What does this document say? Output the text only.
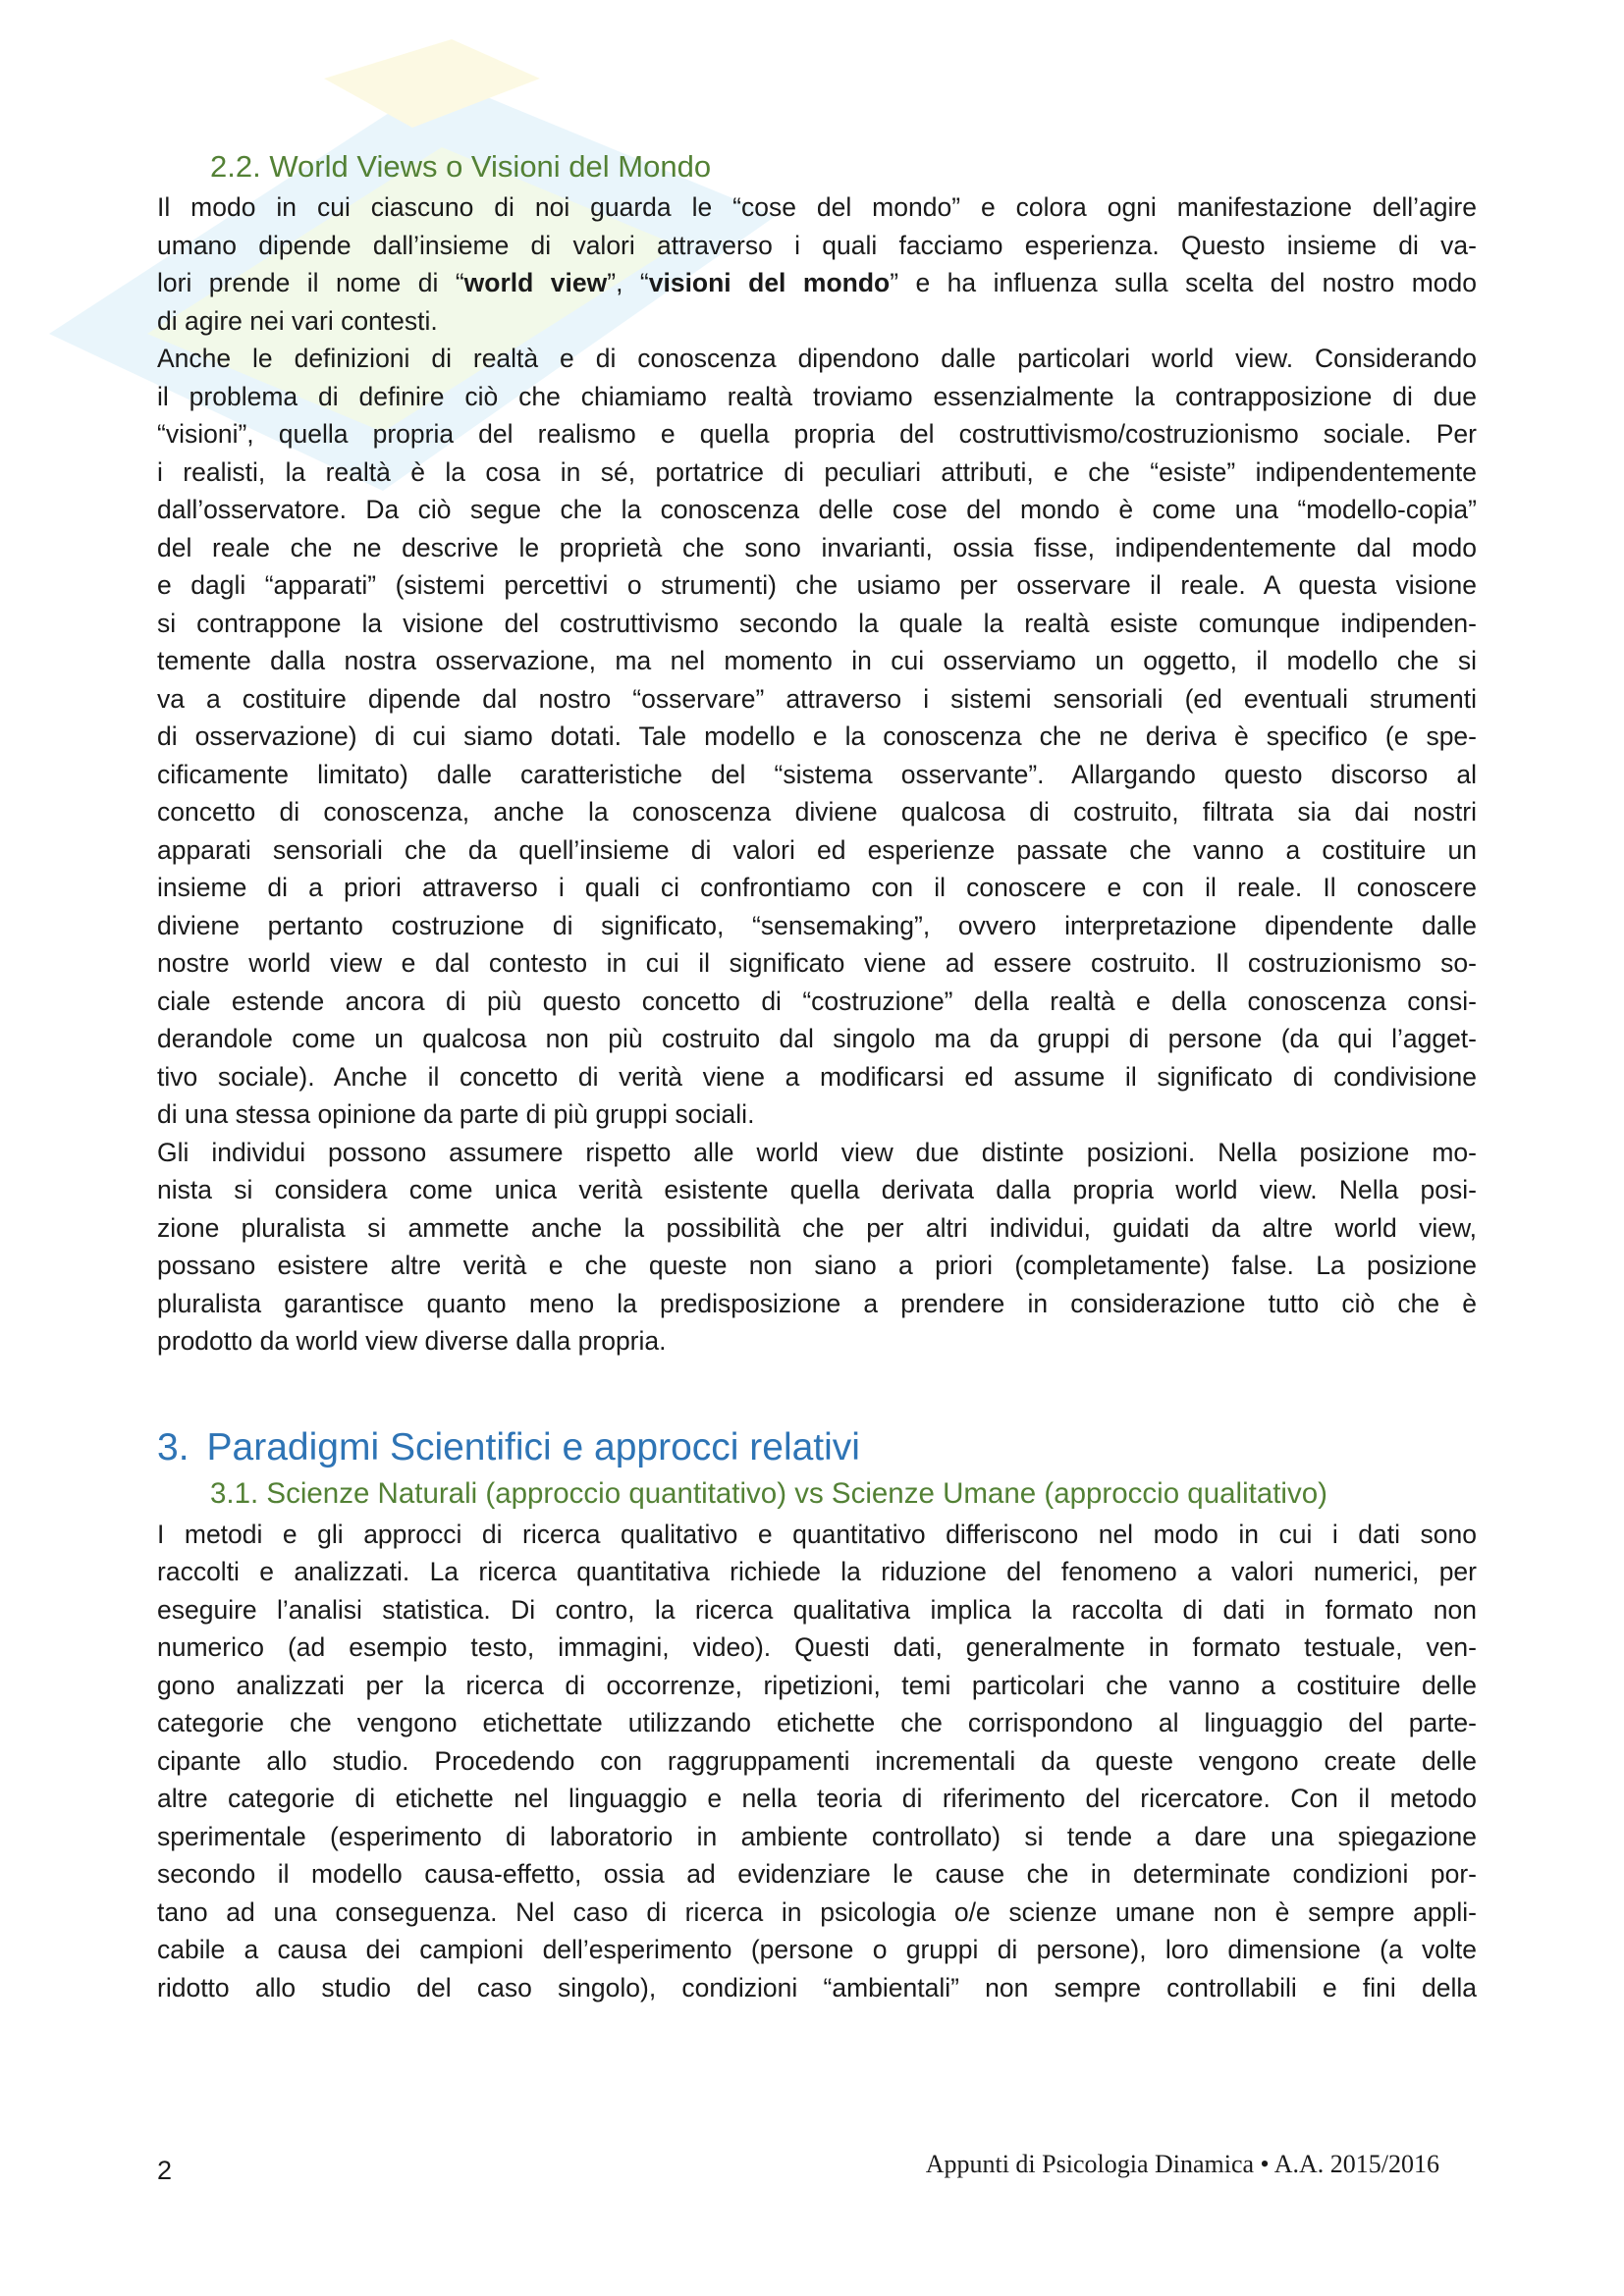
2.2. World Views o Visioni del Mondo

Il modo in cui ciascuno di noi guarda le “cose del mondo” e colora ogni manifestazione dell’agire
umano dipende dall’insieme di valori attraverso i quali facciamo esperienza. Questo insieme di va-
lori prende il nome di “world view”, “visioni del mondo” e ha influenza sulla scelta del nostro modo
di agire nei vari contesti.

Anche le definizioni di realtà e di conoscenza dipendono dalle particolari world view. Considerando
il problema di definire ciò che chiamiamo realtà troviamo essenzialmente la contrapposizione di due
“visioni”, quella propria del realismo e quella propria del costruttivismo/costruzionismo sociale. Per
i realisti, la realtà è la cosa in sé, portatrice di peculiari attributi, e che “esiste” indipendentemente
dall’osservatore. Da ciò segue che la conoscenza delle cose del mondo è come una “modello-copia”
del reale che ne descrive le proprietà che sono invarianti, ossia fisse, indipendentemente dal modo
e dagli “apparati” (sistemi percettivi o strumenti) che usiamo per osservare il reale. A questa visione
si contrappone la visione del costruttivismo secondo la quale la realtà esiste comunque indipenden-
temente dalla nostra osservazione, ma nel momento in cui osserviamo un oggetto, il modello che si
va a costituire dipende dal nostro “osservare” attraverso i sistemi sensoriali (ed eventuali strumenti
di osservazione) di cui siamo dotati. Tale modello e la conoscenza che ne deriva è specifico (e spe-
cificamente limitato) dalle caratteristiche del “sistema osservante”. Allargando questo discorso al
concetto di conoscenza, anche la conoscenza diviene qualcosa di costruito, filtrata sia dai nostri
apparati sensoriali che da quell’insieme di valori ed esperienze passate che vanno a costituire un
insieme di a priori attraverso i quali ci confrontiamo con il conoscere e con il reale. Il conoscere
diviene pertanto costruzione di significato, “sensemaking”, ovvero interpretazione dipendente dalle
nostre world view e dal contesto in cui il significato viene ad essere costruito. Il costruzionismo so-
ciale estende ancora di più questo concetto di “costruzione” della realtà e della conoscenza consi-
derandole come un qualcosa non più costruito dal singolo ma da gruppi di persone (da qui l’agget-
tivo sociale). Anche il concetto di verità viene a modificarsi ed assume il significato di condivisione
di una stessa opinione da parte di più gruppi sociali.

Gli individui possono assumere rispetto alle world view due distinte posizioni. Nella posizione mo-
nista si considera come unica verità esistente quella derivata dalla propria world view. Nella posi-
zione pluralista si ammette anche la possibilità che per altri individui, guidati da altre world view,
possano esistere altre verità e che queste non siano a priori (completamente) false. La posizione
pluralista garantisce quanto meno la predisposizione a prendere in considerazione tutto ciò che è
prodotto da world view diverse dalla propria.

3. Paradigmi Scientifici e approcci relativi
3.1. Scienze Naturali (approccio quantitativo) vs Scienze Umane (approccio qualitativo)

I metodi e gli approcci di ricerca qualitativo e quantitativo differiscono nel modo in cui i dati sono
raccolti e analizzati. La ricerca quantitativa richiede la riduzione del fenomeno a valori numerici, per
eseguire l’analisi statistica. Di contro, la ricerca qualitativa implica la raccolta di dati in formato non
numerico (ad esempio testo, immagini, video). Questi dati, generalmente in formato testuale, ven-
gono analizzati per la ricerca di occorrenze, ripetizioni, temi particolari che vanno a costituire delle
categorie che vengono etichettate utilizzando etichette che corrispondono al linguaggio del parte-
cipante allo studio. Procedendo con raggruppamenti incrementali da queste vengono create delle
altre categorie di etichette nel linguaggio e nella teoria di riferimento del ricercatore. Con il metodo
sperimentale (esperimento di laboratorio in ambiente controllato) si tende a dare una spiegazione
secondo il modello causa-effetto, ossia ad evidenziare le cause che in determinate condizioni por-
tano ad una conseguenza. Nel caso di ricerca in psicologia o/e scienze umane non è sempre appli-
cabile a causa dei campioni dell’esperimento (persone o gruppi di persone), loro dimensione (a volte
ridotto allo studio del caso singolo), condizioni “ambientali” non sempre controllabili e fini della

2	Appunti di Psicologia Dinamica • A.A. 2015/2016
